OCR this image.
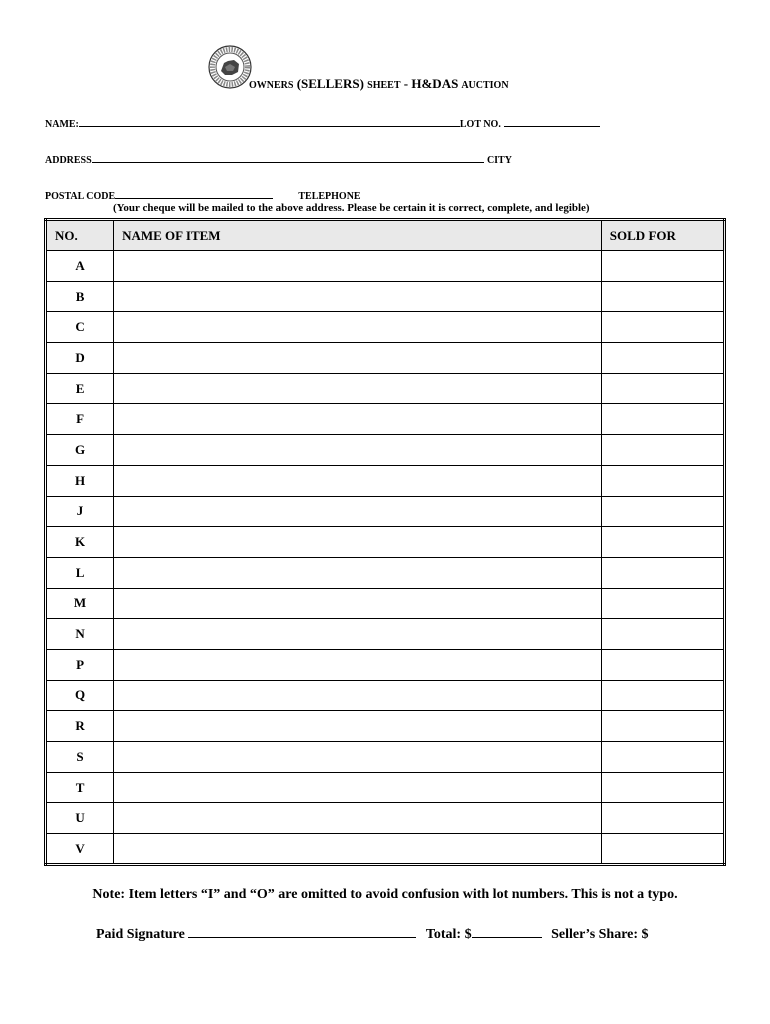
OWNERS (SELLERS) SHEET - H&DAS AUCTION
NAME:	LOT NO.
ADDRESS	CITY
POSTAL CODE	TELEPHONE
(Your cheque will be mailed to the above address. Please be certain it is correct, complete, and legible)
NO.	NAME OF ITEM	SOLD FOR
A		
B		
C		
D		
E		
F		
G		
H		
J		
K		
L		
M		
N		
P		
Q		
R		
S		
T		
U		
V		
Note: Item letters “I” and “O” are omitted to avoid confusion with lot numbers. This is not a typo.
Paid Signature	Total: $	Seller’s Share: $
